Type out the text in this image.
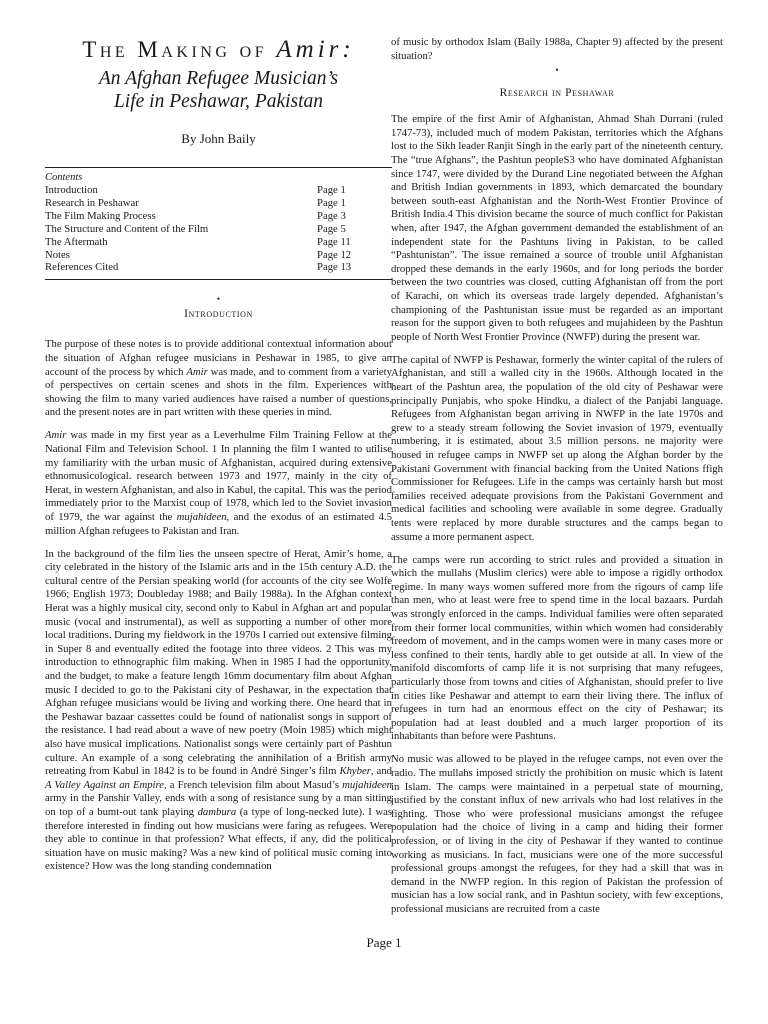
The Making of Amir:
An Afghan Refugee Musician’s
Life in Peshawar, Pakistan
By John Baily
Contents
Introduction	Page 1
Research in Peshawar	Page 1
The Film Making Process	Page 3
The Structure and Content of the Film	Page 5
The Aftermath	Page 11
Notes	Page 12
References Cited	Page 13
•
Introduction

The purpose of these notes is to provide additional contextual information about the situation of Afghan refugee musicians in Peshawar in 1985, to give an account of the process by which Amir was made, and to comment from a variety of perspectives on certain scenes and shots in the film. Experiences with showing the film to many varied audiences have raised a number of questions, and the present notes are in part written with these queries in mind.

Amir was made in my first year as a Leverhulme Film Training Fellow at the National Film and Television School. 1 In planning the film I wanted to utilise my familiarity with the urban music of Afghanistan, acquired during extensive ethnomusicological. research between 1973 and 1977, mainly in the city of Herat, in western Afghanistan, and also in Kabul, the capital. This was the period immediately prior to the Marxist coup of 1978, which led to the Soviet invasion of 1979, the war against the mujahideen, and the exodus of an estimated 4.5 million Afghan refugees to Pakistan and Iran.

In the background of the film lies the unseen spectre of Herat, Amir’s home, a city celebrated in the history of the Islamic arts and in the 15th century A.D. the cultural centre of the Persian speaking world (for accounts of the city see Wolfe 1966; English 1973; Doubleday 1988; and Baily 1988a). In the Afghan context Herat was a highly musical city, second only to Kabul in Afghan art and popular music (vocal and instrumental), as well as supporting a number of other more local traditions. During my fieldwork in the 1970s I carried out extensive filming in Super 8 and eventually edited the footage into three videos. 2 This was my introduction to ethnographic film making. When in 1985 I had the opportunity, and the budget, to make a feature length 16mm documentary film about Afghan music I decided to go to the Pakistani city of Peshawar, in the expectation that Afghan refugee musicians would be living and working there. One heard that in the Peshawar bazaar cassettes could be found of nationalist songs in support of the resistance. I had read about a wave of new poetry (Moin 1985) which might also have musical implications. Nationalist songs were certainly part of Pashtun culture. An example of a song celebrating the annihilation of a British army retreating from Kabul in 1842 is to be found in André Singer’s film Khyber, and A Valley Against an Empire, a French television film about Masud’s mujahideen army in the Panshir Valley, ends with a song of resistance sung by a man sitting on top of a bumt-out tank playing dambura (a type of long-necked lute). I was therefore interested in finding out how musicians were faring as refugees. Were they able to continue in that profession? What effects, if any, did the political situation have on music making? Was a new kind of political music coming into existence? How was the long standing condemnation

of music by orthodox Islam (Baily 1988a, Chapter 9) affected by the present situation?

•
Research in Peshawar

The empire of the first Amir of Afghanistan, Ahmad Shah Durrani (ruled 1747-73), included much of modem Pakistan, territories which the Afghans lost to the Sikh leader Ranjit Singh in the early part of the nineteenth century. The “true Afghans”, the Pashtun peopleS3 who have dominated Afghanistan since 1747, were divided by the Durand Line negotiated between the Afghan and British Indian governments in 1893, which demarcated the boundary between south-east Afghanistan and the North-West Frontier Province of British India.4 This division became the source of much conflict for Pakistan when, after 1947, the Afghan government demanded the establishment of an independent state for the Pashtuns living in Pakistan, to be called “Pashtunistan”. The issue remained a source of trouble until Afghanistan dropped these demands in the early 1960s, and for long periods the border between the two countries was closed, cutting Afghanistan off from the port of Karachi, on which its overseas trade largely depended. Afghanistan’s championing of the Pashtunistan issue must be regarded as an important reason for the support given to both refugees and mujahideen by the Pashtun people of North West Frontier Province (NWFP) during the present war.

The capital of NWFP is Peshawar, formerly the winter capital of the rulers of Afghanistan, and still a walled city in the 1960s. Although located in the heart of the Pashtun area, the population of the old city of Peshawar were principally Punjabis, who spoke Hindku, a dialect of the Panjabi language. Refugees from Afghanistan began arriving in NWFP in the late 1970s and grew to a steady stream following the Soviet invasion of 1979, eventually numbering, it is estimated, about 3.5 million persons. ne majority were housed in refugee camps in NWFP set up along the Afghan border by the Pakistani Government with financial backing from the United Nations ffigh Commissioner for Refugees. Life in the camps was certainly harsh but most families received adequate provisions from the Pakistani Government and medical facilities and schooling were available in some degree. Gradually tents were replaced by more durable structures and the camps began to assume a more permanent aspect.

The camps were run according to strict rules and provided a situation in which the mullahs (Muslim clerics) were able to impose a rigidly orthodox regime. In many ways women suffered more from the rigours of camp life than men, who at least were free to spend time in the local bazaars. Purdah was strongly enforced in the camps. Individual families were often separated from their former local communities, within which women had considerably freedom of movement, and in the camps women were in many cases more or less confined to their tents, hardly able to get outside at all. In view of the manifold discomforts of camp life it is not surprising that many refugees, particularly those from towns and cities of Afghanistan, should prefer to live in cities like Peshawar and attempt to earn their living there. The influx of refugees in turn had an enormous effect on the city of Peshawar; its population had at least doubled and a much larger proportion of its inhabitants than before were Pashtuns.

No music was allowed to be played in the refugee camps, not even over the radio. The mullahs imposed strictly the prohibition on music which is latent in Islam. The camps were maintained in a perpetual state of mourning, justified by the constant influx of new arrivals who had lost relatives in the fighting. Those who were professional musicians amongst the refugee population had the choice of living in a camp and hiding their former profession, or of living in the city of Peshawar if they wanted to continue working as musicians. In fact, musicians were one of the more successful professional groups amongst the refugees, for they had a skill that was in demand in the NWFP region. In this region of Pakistan the profession of musician has a low social rank, and in Pashtun society, with few exceptions, professional musicians are recruited from a caste

Page 1
